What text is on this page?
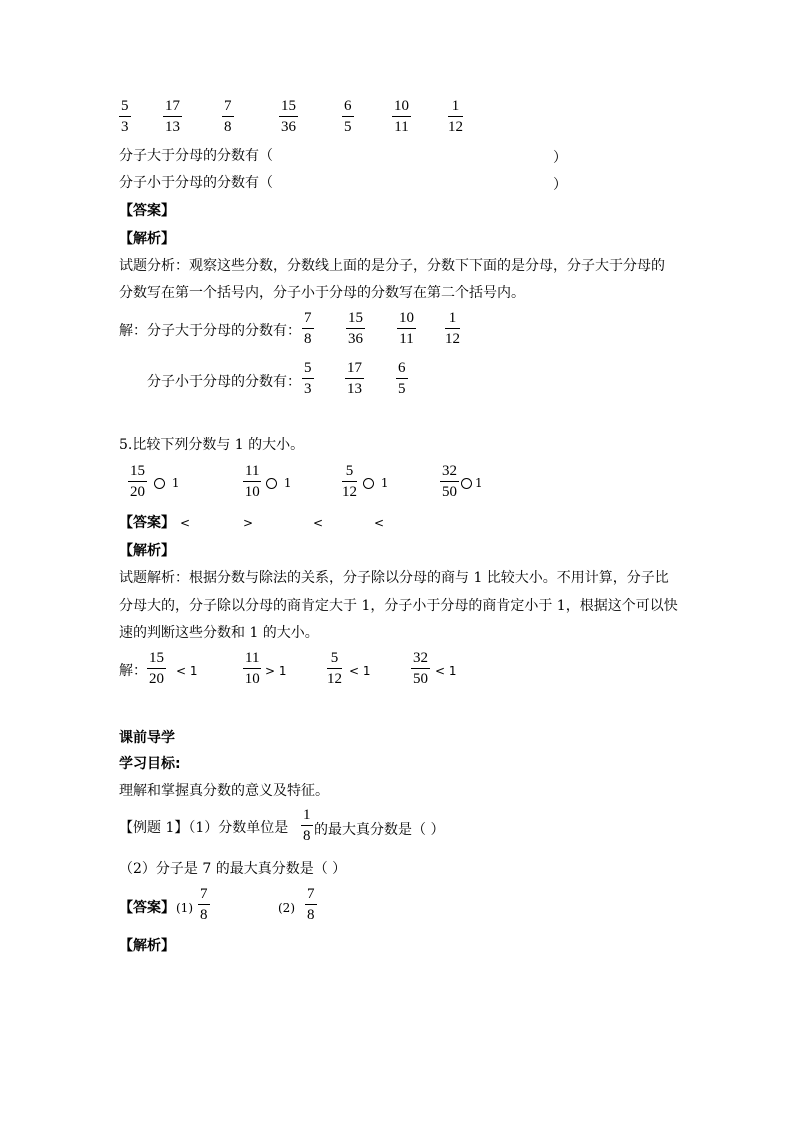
5
3
17
13
7
8
15
36
6
5
10
11
1
12
分子大于分母的分数有（	）
分子小于分母的分数有（	）
【答案】
【解析】
试题分析：观察这些分数，分数线上面的是分子，分数下下面的是分母，分子大于分母的
分数写在第一个括号内，分子小于分母的分数写在第二个括号内。
解：分子大于分母的分数有：
7
8
15
36
10
11
1
12
分子小于分母的分数有：
5
3
17
13
6
5
5.比较下列分数与 1 的大小。
15
20
1
11
10
1
5
12
1
32
50
1
【答案】 <	>	<	<
【解析】
试题解析：根据分数与除法的关系，分子除以分母的商与 1 比较大小。不用计算，分子比
分母大的，分子除以分母的商肯定大于 1，分子小于分母的商肯定小于 1，根据这个可以快
速的判断这些分数和 1 的大小。
解：
15
20 < 1
11
10 > 1
5
12 < 1
32
50 < 1
课前导学
学习目标:
理解和掌握真分数的意义及特征。
【例题 1】（1）分数单位是
1
8 的最大真分数是（ ）
（2）分子是 7 的最大真分数是（ ）
【答案】 (1)
7
8	(2)
7
8
【解析】
